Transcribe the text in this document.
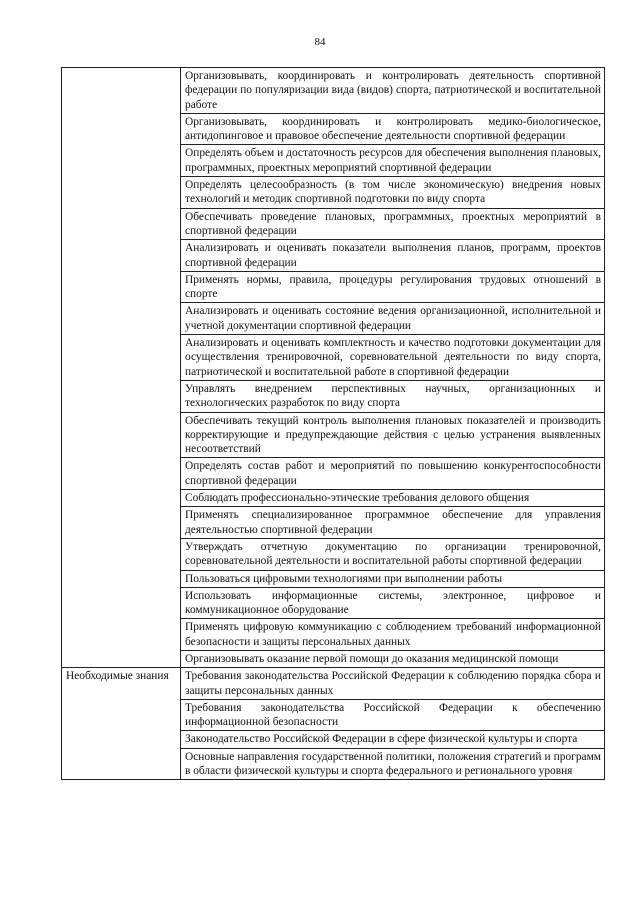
84
	Организовывать, координировать и контролировать деятельность спортивной федерации по популяризации вида (видов) спорта, патриотической и воспитательной работе
	Организовывать, координировать и контролировать медико-биологическое, антидопинговое и правовое обеспечение деятельности спортивной федерации
	Определять объем и достаточность ресурсов для обеспечения выполнения плановых, программных, проектных мероприятий спортивной федерации
	Определять целесообразность (в том числе экономическую) внедрения новых технологий и методик спортивной подготовки по виду спорта
	Обеспечивать проведение плановых, программных, проектных мероприятий в спортивной федерации
	Анализировать и оценивать показатели выполнения планов, программ, проектов спортивной федерации
	Применять нормы, правила, процедуры регулирования трудовых отношений в спорте
	Анализировать и оценивать состояние ведения организационной, исполнительной и учетной документации спортивной федерации
	Анализировать и оценивать комплектность и качество подготовки документации для осуществления тренировочной, соревновательной деятельности по виду спорта, патриотической и воспитательной работе в спортивной федерации
	Управлять внедрением перспективных научных, организационных и технологических разработок по виду спорта
	Обеспечивать текущий контроль выполнения плановых показателей и производить корректирующие и предупреждающие действия с целью устранения выявленных несоответствий
	Определять состав работ и мероприятий по повышению конкурентоспособности спортивной федерации
	Соблюдать профессионально-этические требования делового общения
	Применять специализированное программное обеспечение для управления деятельностью спортивной федерации
	Утверждать отчетную документацию по организации тренировочной, соревновательной деятельности и воспитательной работы спортивной федерации
	Пользоваться цифровыми технологиями при выполнении работы
	Использовать информационные системы, электронное, цифровое и коммуникационное оборудование
	Применять цифровую коммуникацию с соблюдением требований информационной безопасности и защиты персональных данных
	Организовывать оказание первой помощи до оказания медицинской помощи
Необходимые знания	Требования законодательства Российской Федерации к соблюдению порядка сбора и защиты персональных данных
	Требования законодательства Российской Федерации к обеспечению информационной безопасности
	Законодательство Российской Федерации в сфере физической культуры и спорта
	Основные направления государственной политики, положения стратегий и программ в области физической культуры и спорта федерального и регионального уровня
